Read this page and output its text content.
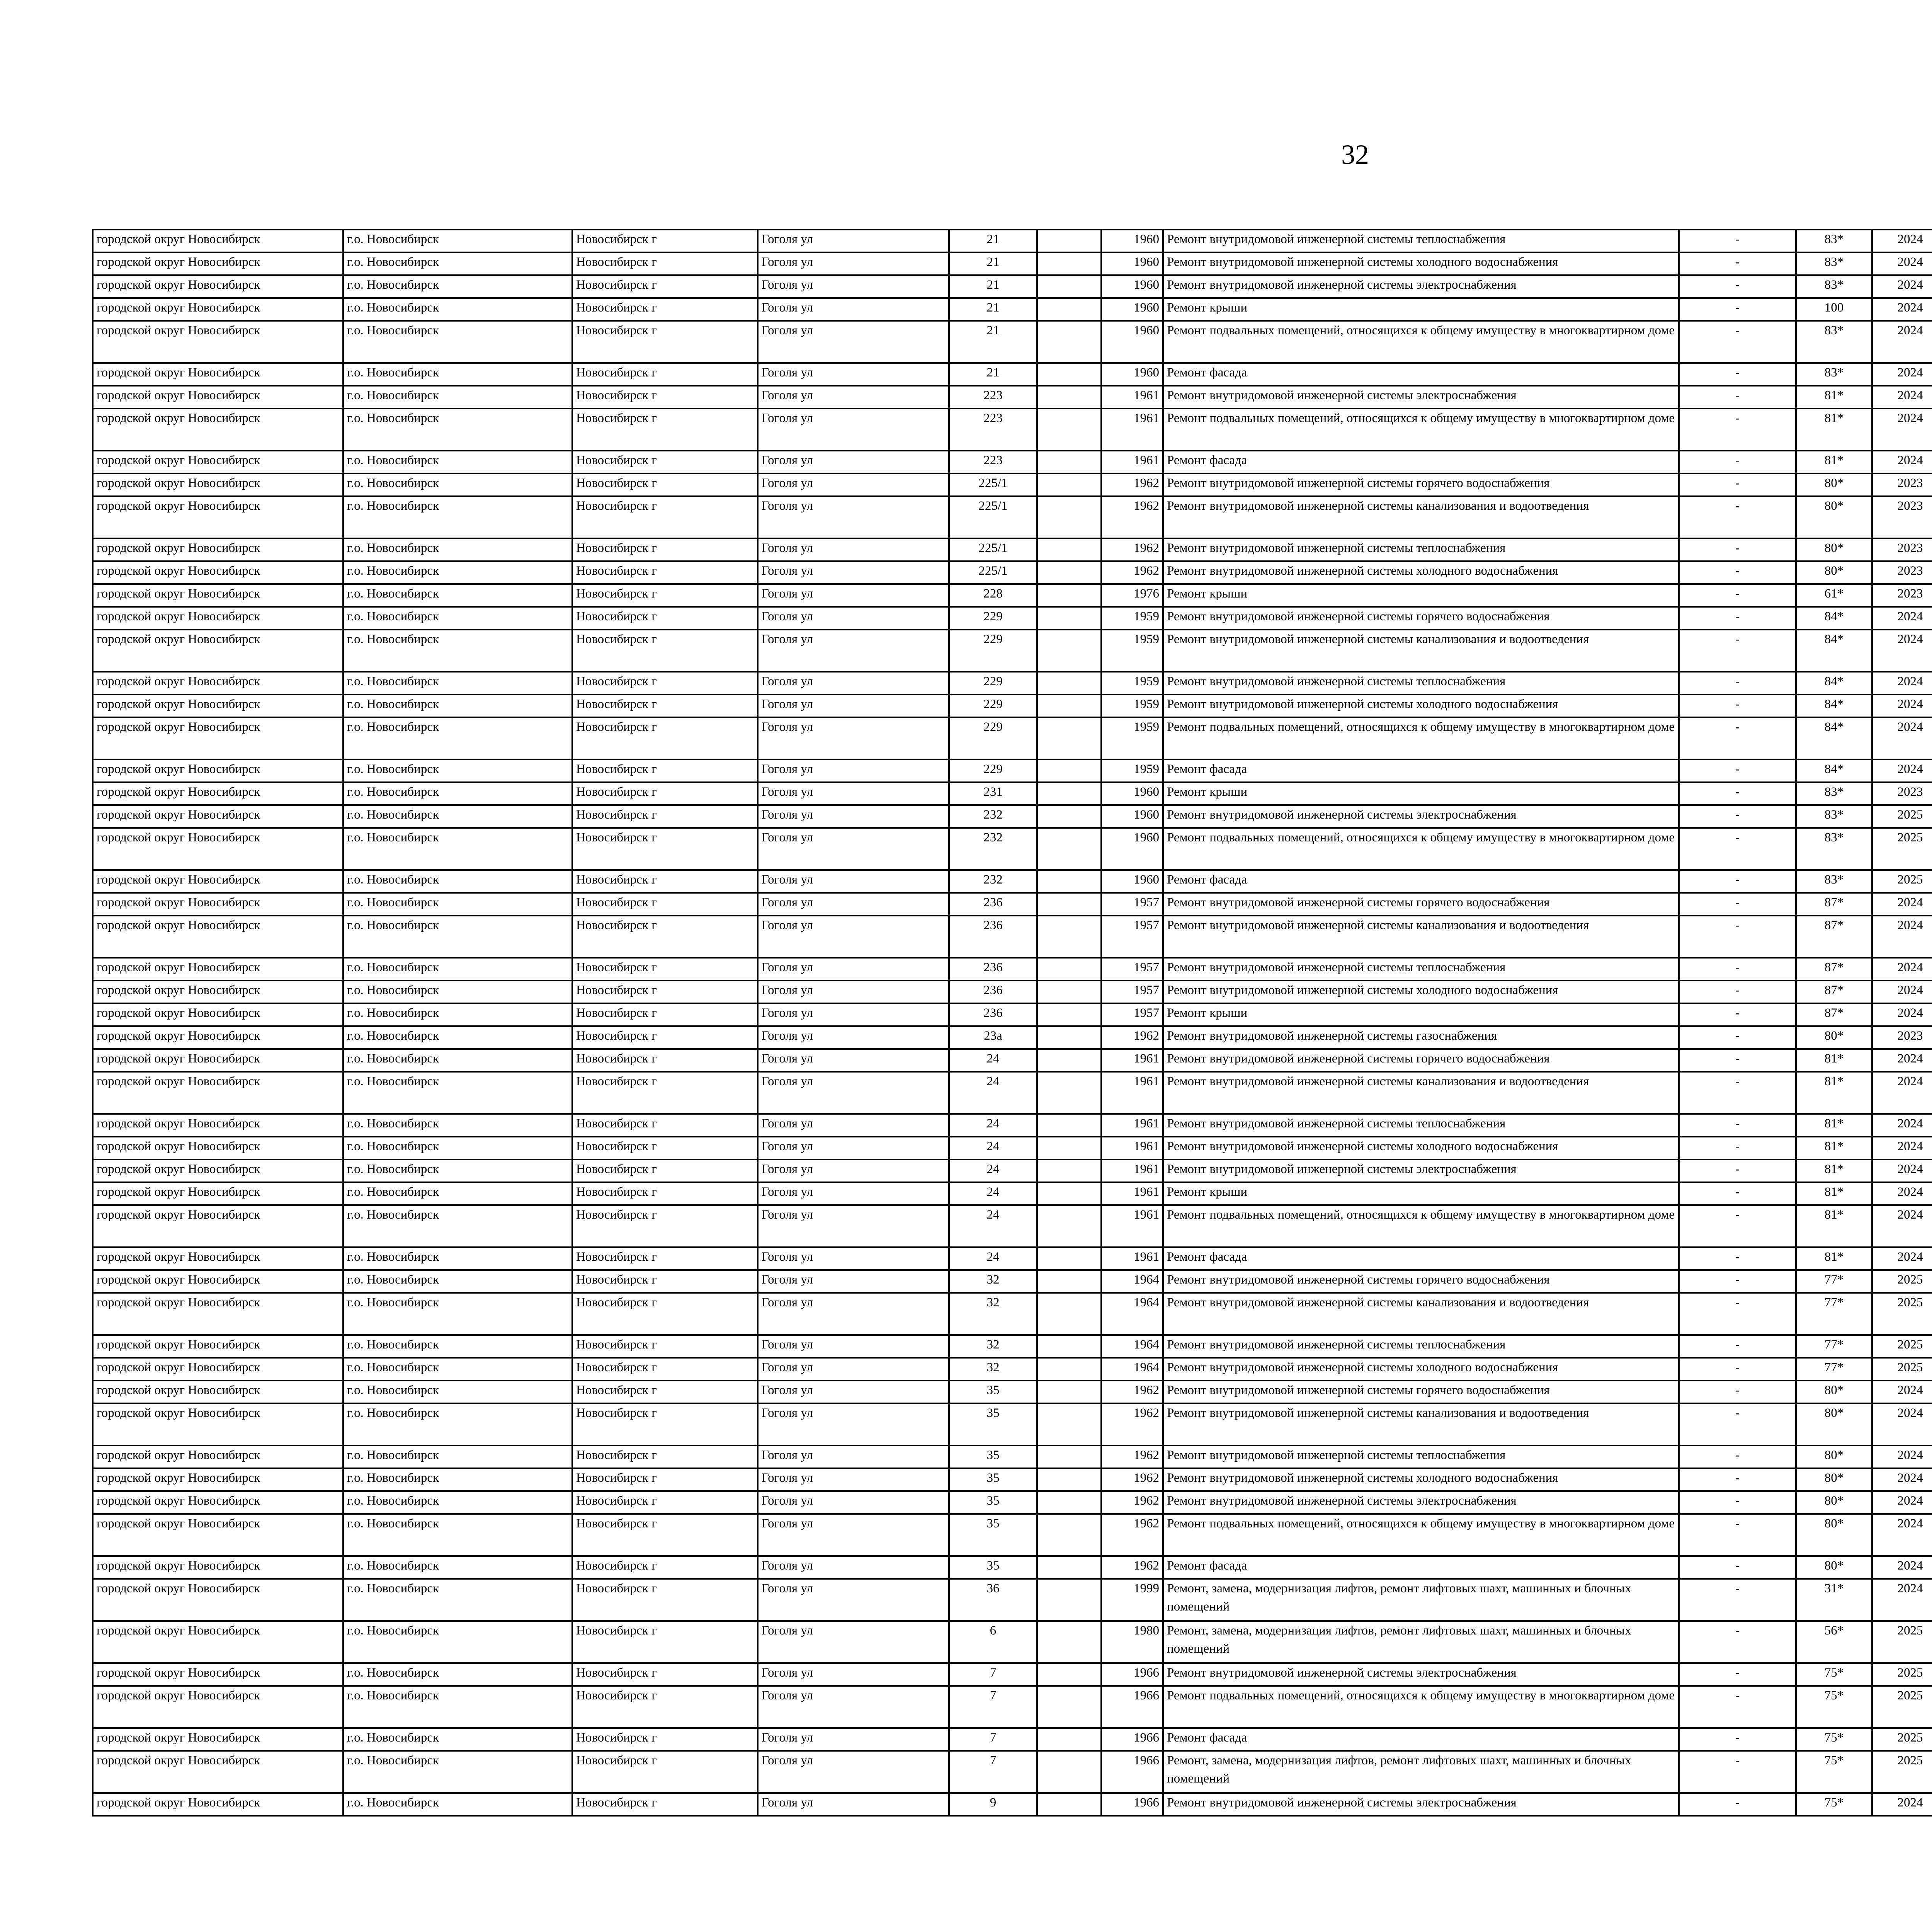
32
городской округ Новосибирск	г.о. Новосибирск	Новосибирск г	Гоголя ул	21		1960	Ремонт внутридомовой инженерной системы теплоснабжения	-	83*	2024								
городской округ Новосибирск	г.о. Новосибирск	Новосибирск г	Гоголя ул	21		1960	Ремонт внутридомовой инженерной системы холодного водоснабжения	-	83*	2024								
городской округ Новосибирск	г.о. Новосибирск	Новосибирск г	Гоголя ул	21		1960	Ремонт внутридомовой инженерной системы электроснабжения	-	83*	2024								
городской округ Новосибирск	г.о. Новосибирск	Новосибирск г	Гоголя ул	21		1960	Ремонт крыши	-	100	2024								
городской округ Новосибирск	г.о. Новосибирск	Новосибирск г	Гоголя ул	21		1960	Ремонт подвальных помещений, относящихся к общему имуществу в многоквартирном доме	-	83*	2024								
городской округ Новосибирск	г.о. Новосибирск	Новосибирск г	Гоголя ул	21		1960	Ремонт фасада	-	83*	2024								
городской округ Новосибирск	г.о. Новосибирск	Новосибирск г	Гоголя ул	223		1961	Ремонт внутридомовой инженерной системы электроснабжения	-	81*	2024								
городской округ Новосибирск	г.о. Новосибирск	Новосибирск г	Гоголя ул	223		1961	Ремонт подвальных помещений, относящихся к общему имуществу в многоквартирном доме	-	81*	2024								
городской округ Новосибирск	г.о. Новосибирск	Новосибирск г	Гоголя ул	223		1961	Ремонт фасада	-	81*	2024								
городской округ Новосибирск	г.о. Новосибирск	Новосибирск г	Гоголя ул	225/1		1962	Ремонт внутридомовой инженерной системы горячего водоснабжения	-	80*	2023								
городской округ Новосибирск	г.о. Новосибирск	Новосибирск г	Гоголя ул	225/1		1962	Ремонт внутридомовой инженерной системы канализования и водоотведения	-	80*	2023								
городской округ Новосибирск	г.о. Новосибирск	Новосибирск г	Гоголя ул	225/1		1962	Ремонт внутридомовой инженерной системы теплоснабжения	-	80*	2023								
городской округ Новосибирск	г.о. Новосибирск	Новосибирск г	Гоголя ул	225/1		1962	Ремонт внутридомовой инженерной системы холодного водоснабжения	-	80*	2023								
городской округ Новосибирск	г.о. Новосибирск	Новосибирск г	Гоголя ул	228		1976	Ремонт крыши	-	61*	2023								
городской округ Новосибирск	г.о. Новосибирск	Новосибирск г	Гоголя ул	229		1959	Ремонт внутридомовой инженерной системы горячего водоснабжения	-	84*	2024								
городской округ Новосибирск	г.о. Новосибирск	Новосибирск г	Гоголя ул	229		1959	Ремонт внутридомовой инженерной системы канализования и водоотведения	-	84*	2024								
городской округ Новосибирск	г.о. Новосибирск	Новосибирск г	Гоголя ул	229		1959	Ремонт внутридомовой инженерной системы теплоснабжения	-	84*	2024								
городской округ Новосибирск	г.о. Новосибирск	Новосибирск г	Гоголя ул	229		1959	Ремонт внутридомовой инженерной системы холодного водоснабжения	-	84*	2024								
городской округ Новосибирск	г.о. Новосибирск	Новосибирск г	Гоголя ул	229		1959	Ремонт подвальных помещений, относящихся к общему имуществу в многоквартирном доме	-	84*	2024								
городской округ Новосибирск	г.о. Новосибирск	Новосибирск г	Гоголя ул	229		1959	Ремонт фасада	-	84*	2024								
городской округ Новосибирск	г.о. Новосибирск	Новосибирск г	Гоголя ул	231		1960	Ремонт крыши	-	83*	2023								
городской округ Новосибирск	г.о. Новосибирск	Новосибирск г	Гоголя ул	232		1960	Ремонт внутридомовой инженерной системы электроснабжения	-	83*	2025								
городской округ Новосибирск	г.о. Новосибирск	Новосибирск г	Гоголя ул	232		1960	Ремонт подвальных помещений, относящихся к общему имуществу в многоквартирном доме	-	83*	2025								
городской округ Новосибирск	г.о. Новосибирск	Новосибирск г	Гоголя ул	232		1960	Ремонт фасада	-	83*	2025								
городской округ Новосибирск	г.о. Новосибирск	Новосибирск г	Гоголя ул	236		1957	Ремонт внутридомовой инженерной системы горячего водоснабжения	-	87*	2024								
городской округ Новосибирск	г.о. Новосибирск	Новосибирск г	Гоголя ул	236		1957	Ремонт внутридомовой инженерной системы канализования и водоотведения	-	87*	2024								
городской округ Новосибирск	г.о. Новосибирск	Новосибирск г	Гоголя ул	236		1957	Ремонт внутридомовой инженерной системы теплоснабжения	-	87*	2024								
городской округ Новосибирск	г.о. Новосибирск	Новосибирск г	Гоголя ул	236		1957	Ремонт внутридомовой инженерной системы холодного водоснабжения	-	87*	2024								
городской округ Новосибирск	г.о. Новосибирск	Новосибирск г	Гоголя ул	236		1957	Ремонт крыши	-	87*	2024								
городской округ Новосибирск	г.о. Новосибирск	Новосибирск г	Гоголя ул	23а		1962	Ремонт внутридомовой инженерной системы газоснабжения	-	80*	2023								
городской округ Новосибирск	г.о. Новосибирск	Новосибирск г	Гоголя ул	24		1961	Ремонт внутридомовой инженерной системы горячего водоснабжения	-	81*	2024								
городской округ Новосибирск	г.о. Новосибирск	Новосибирск г	Гоголя ул	24		1961	Ремонт внутридомовой инженерной системы канализования и водоотведения	-	81*	2024								
городской округ Новосибирск	г.о. Новосибирск	Новосибирск г	Гоголя ул	24		1961	Ремонт внутридомовой инженерной системы теплоснабжения	-	81*	2024								
городской округ Новосибирск	г.о. Новосибирск	Новосибирск г	Гоголя ул	24		1961	Ремонт внутридомовой инженерной системы холодного водоснабжения	-	81*	2024								
городской округ Новосибирск	г.о. Новосибирск	Новосибирск г	Гоголя ул	24		1961	Ремонт внутридомовой инженерной системы электроснабжения	-	81*	2024								
городской округ Новосибирск	г.о. Новосибирск	Новосибирск г	Гоголя ул	24		1961	Ремонт крыши	-	81*	2024								
городской округ Новосибирск	г.о. Новосибирск	Новосибирск г	Гоголя ул	24		1961	Ремонт подвальных помещений, относящихся к общему имуществу в многоквартирном доме	-	81*	2024								
городской округ Новосибирск	г.о. Новосибирск	Новосибирск г	Гоголя ул	24		1961	Ремонт фасада	-	81*	2024								
городской округ Новосибирск	г.о. Новосибирск	Новосибирск г	Гоголя ул	32		1964	Ремонт внутридомовой инженерной системы горячего водоснабжения	-	77*	2025								
городской округ Новосибирск	г.о. Новосибирск	Новосибирск г	Гоголя ул	32		1964	Ремонт внутридомовой инженерной системы канализования и водоотведения	-	77*	2025								
городской округ Новосибирск	г.о. Новосибирск	Новосибирск г	Гоголя ул	32		1964	Ремонт внутридомовой инженерной системы теплоснабжения	-	77*	2025								
городской округ Новосибирск	г.о. Новосибирск	Новосибирск г	Гоголя ул	32		1964	Ремонт внутридомовой инженерной системы холодного водоснабжения	-	77*	2025								
городской округ Новосибирск	г.о. Новосибирск	Новосибирск г	Гоголя ул	35		1962	Ремонт внутридомовой инженерной системы горячего водоснабжения	-	80*	2024								
городской округ Новосибирск	г.о. Новосибирск	Новосибирск г	Гоголя ул	35		1962	Ремонт внутридомовой инженерной системы канализования и водоотведения	-	80*	2024								
городской округ Новосибирск	г.о. Новосибирск	Новосибирск г	Гоголя ул	35		1962	Ремонт внутридомовой инженерной системы теплоснабжения	-	80*	2024								
городской округ Новосибирск	г.о. Новосибирск	Новосибирск г	Гоголя ул	35		1962	Ремонт внутридомовой инженерной системы холодного водоснабжения	-	80*	2024								
городской округ Новосибирск	г.о. Новосибирск	Новосибирск г	Гоголя ул	35		1962	Ремонт внутридомовой инженерной системы электроснабжения	-	80*	2024								
городской округ Новосибирск	г.о. Новосибирск	Новосибирск г	Гоголя ул	35		1962	Ремонт подвальных помещений, относящихся к общему имуществу в многоквартирном доме	-	80*	2024								
городской округ Новосибирск	г.о. Новосибирск	Новосибирск г	Гоголя ул	35		1962	Ремонт фасада	-	80*	2024								
городской округ Новосибирск	г.о. Новосибирск	Новосибирск г	Гоголя ул	36		1999	Ремонт, замена, модернизация лифтов, ремонт лифтовых шахт, машинных и блочных помещений	-	31*	2024								
городской округ Новосибирск	г.о. Новосибирск	Новосибирск г	Гоголя ул	6		1980	Ремонт, замена, модернизация лифтов, ремонт лифтовых шахт, машинных и блочных помещений	-	56*	2025								
городской округ Новосибирск	г.о. Новосибирск	Новосибирск г	Гоголя ул	7		1966	Ремонт внутридомовой инженерной системы электроснабжения	-	75*	2025								
городской округ Новосибирск	г.о. Новосибирск	Новосибирск г	Гоголя ул	7		1966	Ремонт подвальных помещений, относящихся к общему имуществу в многоквартирном доме	-	75*	2025								
городской округ Новосибирск	г.о. Новосибирск	Новосибирск г	Гоголя ул	7		1966	Ремонт фасада	-	75*	2025								
городской округ Новосибирск	г.о. Новосибирск	Новосибирск г	Гоголя ул	7		1966	Ремонт, замена, модернизация лифтов, ремонт лифтовых шахт, машинных и блочных помещений	-	75*	2025								
городской округ Новосибирск	г.о. Новосибирск	Новосибирск г	Гоголя ул	9		1966	Ремонт внутридомовой инженерной системы электроснабжения	-	75*	2024								
